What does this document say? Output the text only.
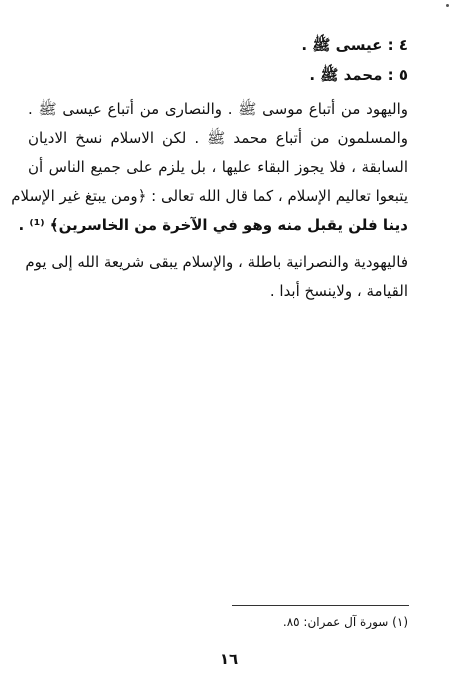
٤ : عيسى ﷺ .
٥ : محمد ﷺ .
واليهود من أتباع موسى ﷺ . والنصارى من أتباع عيسى ﷺ .
والمسلمون من أتباع محمد ﷺ . لكن الاسلام نسخ الاديان
السابقة ، فلا يجوز البقاء عليها ، بل يلزم على جميع الناس أن
يتبعوا تعاليم الإسلام ، كما قال الله تعالى : ﴿ومن يبتغ غير الإسلام
دينا فلن يقبل منه وهو في الآخرة من الخاسرين﴾ ⁽¹⁾ .
فاليهودية والنصرانية باطلة ، والإسلام يبقى شريعة الله إلى يوم
القيامة ، ولاينسخ أبدا .
(١) سورة آل عمران: ٨٥.
١٦
